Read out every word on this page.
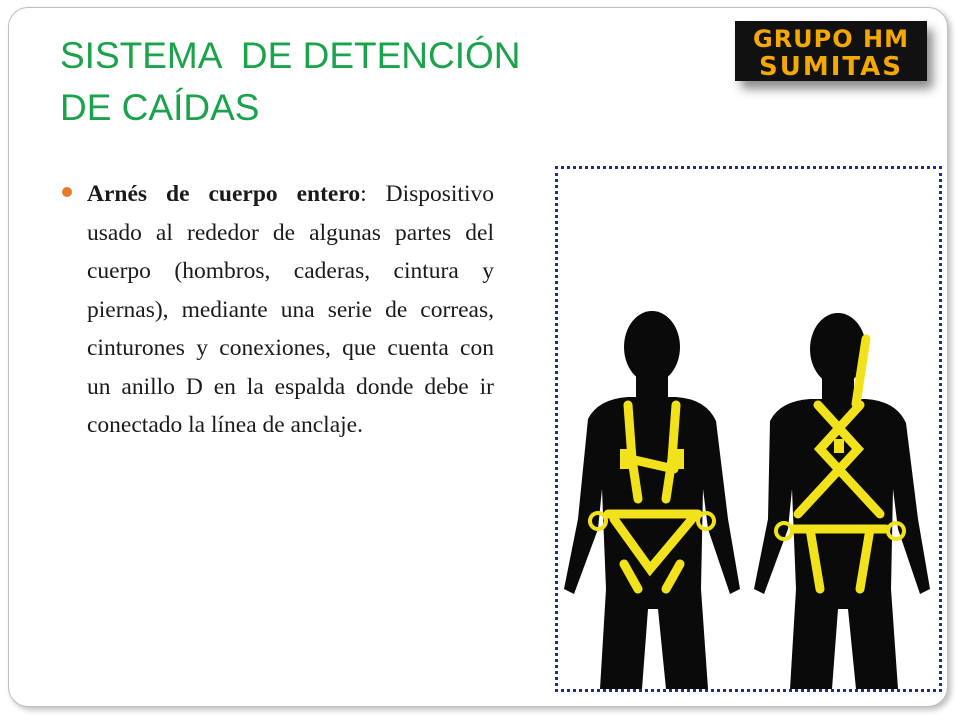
SISTEMA  DE DETENCIÓN
DE CAÍDAS
GRUPO HM
SUMITAS

Arnés de cuerpo entero: Dispositivo usado al rededor de algunas partes del cuerpo (hombros, caderas, cintura y piernas), mediante una serie de correas, cinturones y conexiones, que cuenta con un anillo D en la espalda donde debe ir conectado la línea de anclaje.
